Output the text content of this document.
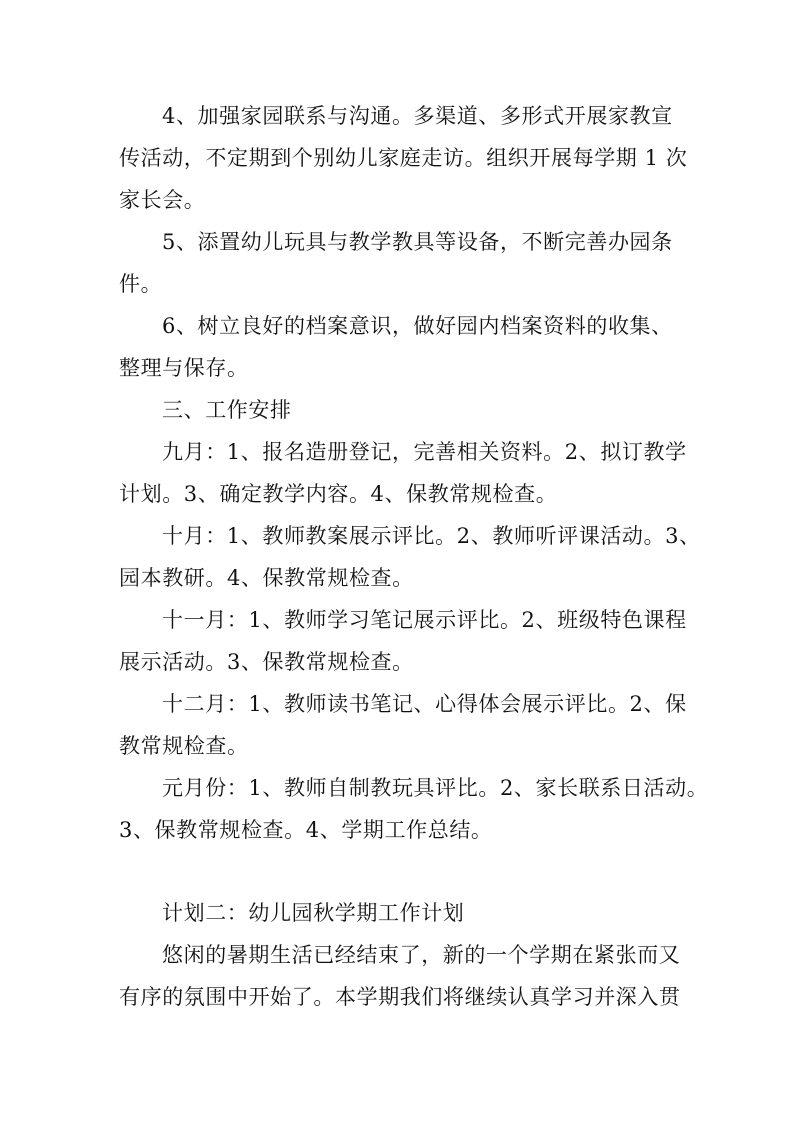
4、加强家园联系与沟通。多渠道、多形式开展家教宣
传活动，不定期到个别幼儿家庭走访。组织开展每学期 1 次
家长会。
5、添置幼儿玩具与教学教具等设备，不断完善办园条
件。
6、树立良好的档案意识，做好园内档案资料的收集、
整理与保存。
三、工作安排
九月：1、报名造册登记，完善相关资料。2、拟订教学
计划。3、确定教学内容。4、保教常规检查。
十月：1、教师教案展示评比。2、教师听评课活动。3、
园本教研。4、保教常规检查。
十一月：1、教师学习笔记展示评比。2、班级特色课程
展示活动。3、保教常规检查。
十二月：1、教师读书笔记、心得体会展示评比。2、保
教常规检查。
元月份：1、教师自制教玩具评比。2、家长联系日活动。
3、保教常规检查。4、学期工作总结。
计划二：幼儿园秋学期工作计划
悠闲的暑期生活已经结束了，新的一个学期在紧张而又
有序的氛围中开始了。本学期我们将继续认真学习并深入贯
